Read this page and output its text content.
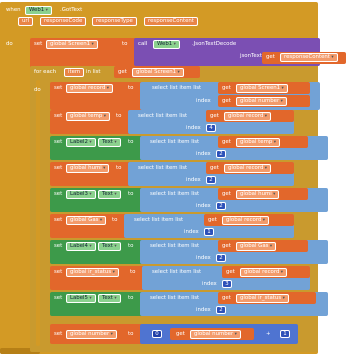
when	Web1 ▾	.GotText
url	responseCode	responseType	responseContent
do	set	global Screen1 ▾	to call	Web1 ▾	.JsonTextDecode
jsonText get	responseContent ▾
for each	item	in list	get	global Screen1 ▾
do set	global record ▾	to	select list item list
index
get	global Screen1 ▾
get	global number ▾
set	global temp ▾	to	select list item list
index	4
get	global record ▾
set	Label2 ▾	Text ▾	to	select list item list
index	2
get	global temp ▾
set	global humi ▾	to	select list item list
index	2
get	global record ▾
set	Label3 ▾	Text ▾	to	select list item list
index	2
get	global humi ▾
set	global Gas ▾	to	select list item list
index	1
get	global record ▾
set	Label4 ▾	Text ▾	to	select list item list
index	2
get	global Gas ▾
set	global ir_status ▾	to	select list item list
index	3
get	global record ▾
set	Label5 ▾	Text ▾	to	select list item list
index	2
get	global ir_status ▾
set	global number ▾	to	0	get	global number ▾	+	1
